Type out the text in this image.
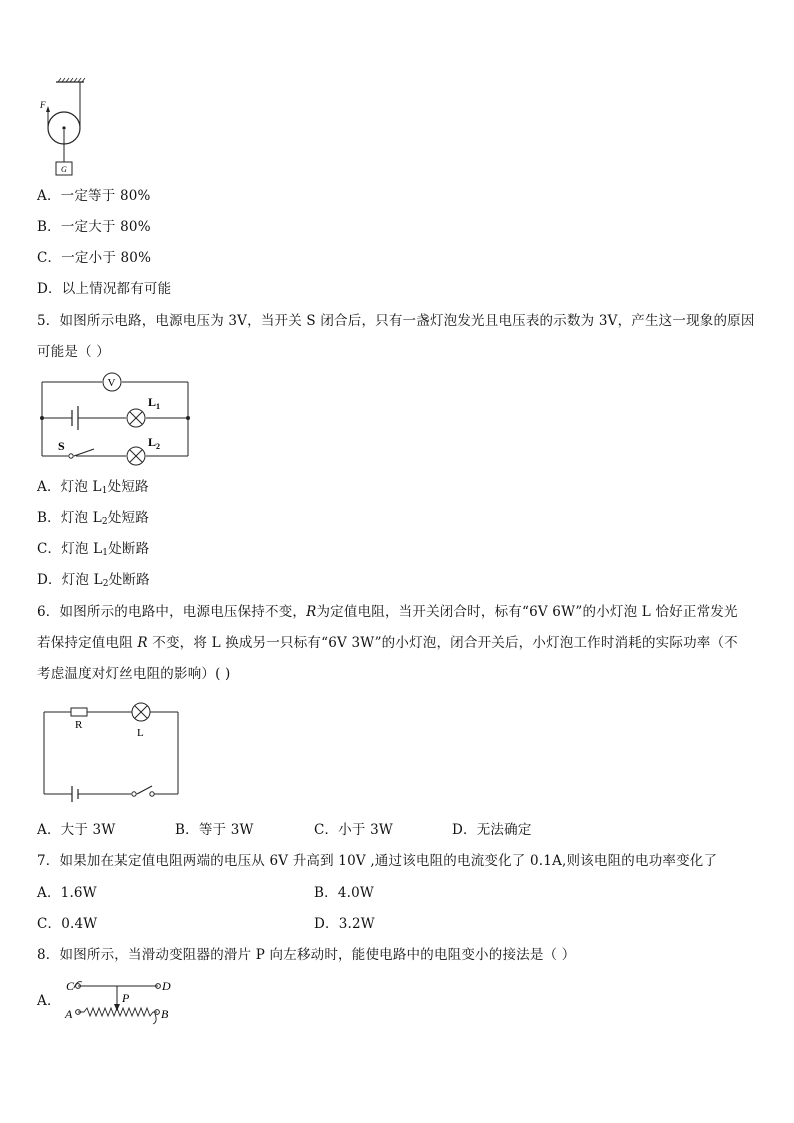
F
G
A．一定等于 80%
B．一定大于 80%
C．一定小于 80%
D．以上情况都有可能
5．如图所示电路，电源电压为 3V，当开关 S 闭合后，只有一盏灯泡发光且电压表的示数为 3V，产生这一现象的原因
可能是（ ）
V
$L_1$
$L_2$
S
A．灯泡 $L_1$处短路
B．灯泡 $L_2$处短路
C．灯泡 $L_1$处断路
D．灯泡 $L_2$处断路
6．如图所示的电路中，电源电压保持不变，R为定值电阻，当开关闭合时，标有“6V 6W”的小灯泡 L 恰好正常发光
若保持定值电阻 R 不变，将 L 换成另一只标有“6V 3W”的小灯泡，闭合开关后，小灯泡工作时消耗的实际功率（不
考虑温度对灯丝电阻的影响）( )
R
L
A．大于 3W	B．等于 3W	C．小于 3W	D．无法确定
7．如果加在某定值电阻两端的电压从 6V 升高到 10V ,通过该电阻的电流变化了 0.1A,则该电阻的电功率变化了
A．1.6W	B．4.0W
C．0.4W	D．3.2W
8．如图所示，当滑动变阻器的滑片 P 向左移动时，能使电路中的电阻变小的接法是（ ）
A．
C	D
A	B
P
